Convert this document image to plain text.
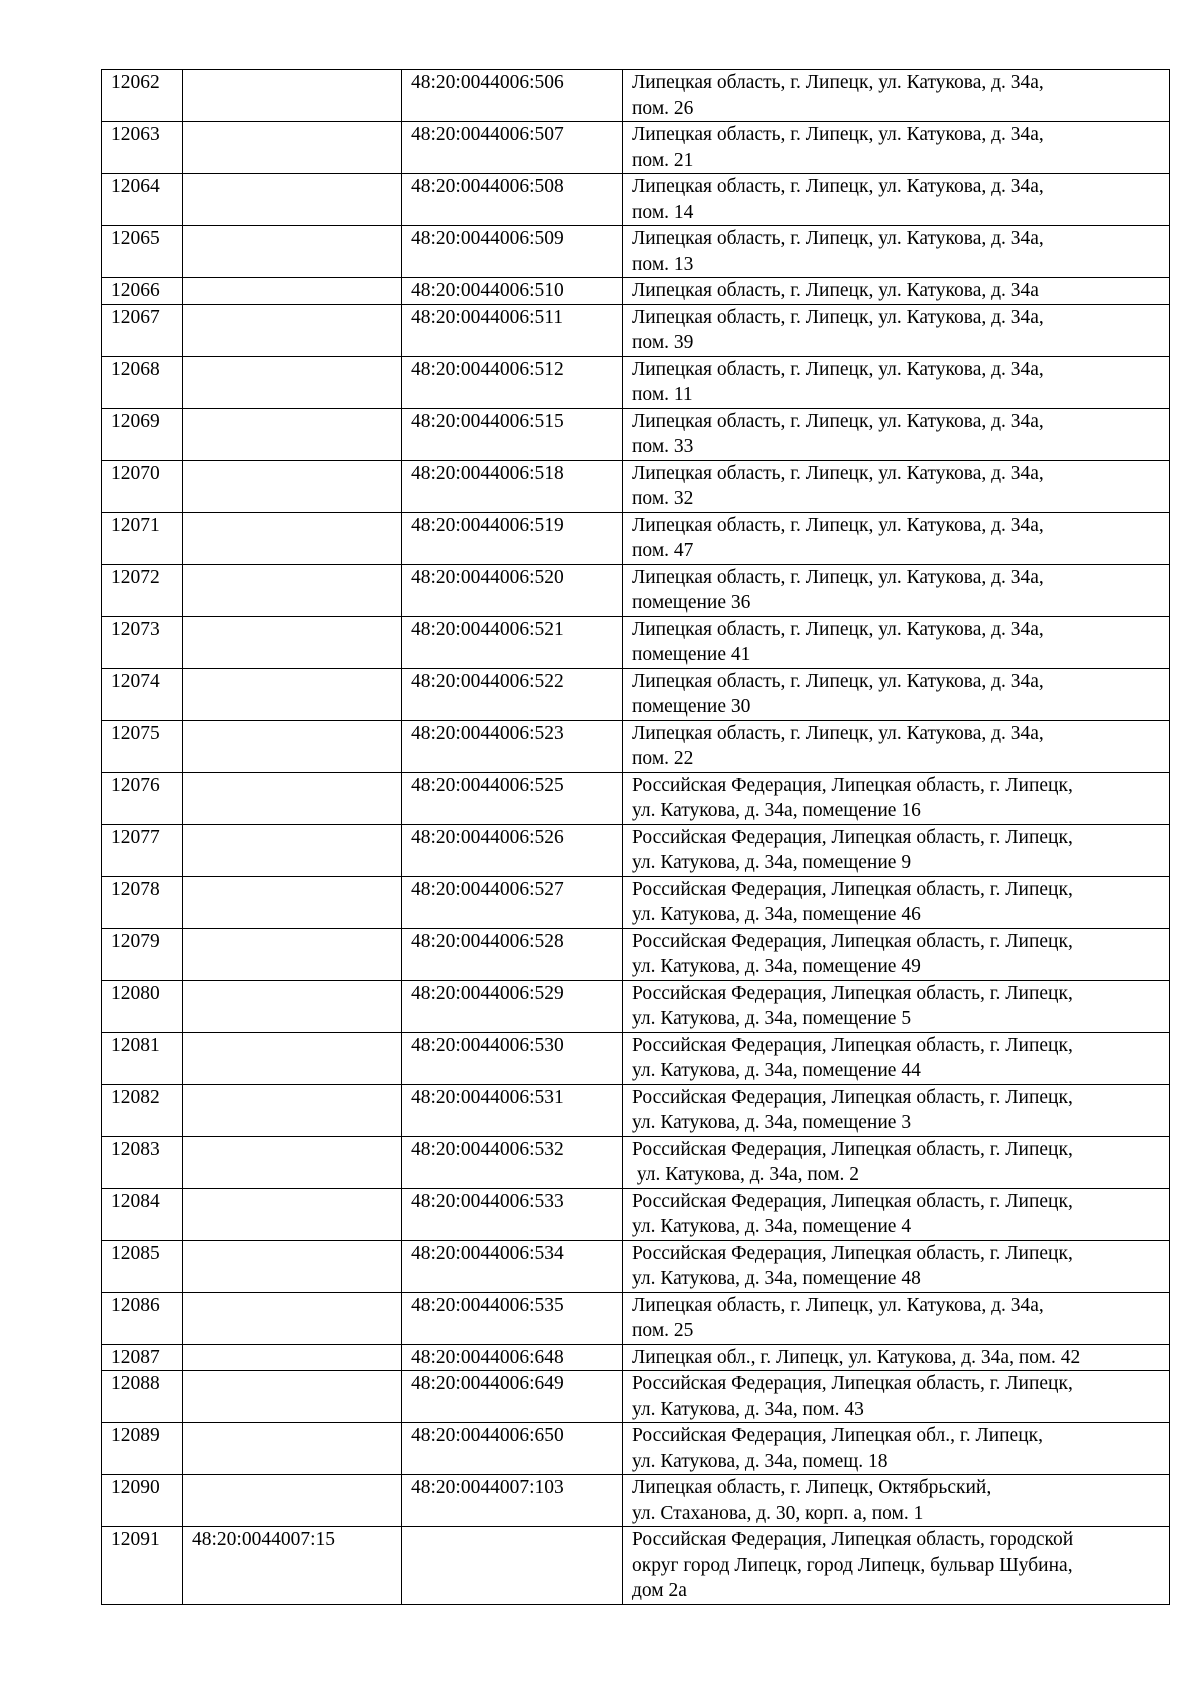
12062		48:20:0044006:506	Липецкая область, г. Липецк, ул. Катукова, д. 34а,
пом. 26
12063		48:20:0044006:507	Липецкая область, г. Липецк, ул. Катукова, д. 34а,
пом. 21
12064		48:20:0044006:508	Липецкая область, г. Липецк, ул. Катукова, д. 34а,
пом. 14
12065		48:20:0044006:509	Липецкая область, г. Липецк, ул. Катукова, д. 34а,
пом. 13
12066		48:20:0044006:510	Липецкая область, г. Липецк, ул. Катукова, д. 34а
12067		48:20:0044006:511	Липецкая область, г. Липецк, ул. Катукова, д. 34а,
пом. 39
12068		48:20:0044006:512	Липецкая область, г. Липецк, ул. Катукова, д. 34а,
пом. 11
12069		48:20:0044006:515	Липецкая область, г. Липецк, ул. Катукова, д. 34а,
пом. 33
12070		48:20:0044006:518	Липецкая область, г. Липецк, ул. Катукова, д. 34а,
пом. 32
12071		48:20:0044006:519	Липецкая область, г. Липецк, ул. Катукова, д. 34а,
пом. 47
12072		48:20:0044006:520	Липецкая область, г. Липецк, ул. Катукова, д. 34а,
помещение 36
12073		48:20:0044006:521	Липецкая область, г. Липецк, ул. Катукова, д. 34а,
помещение 41
12074		48:20:0044006:522	Липецкая область, г. Липецк, ул. Катукова, д. 34а,
помещение 30
12075		48:20:0044006:523	Липецкая область, г. Липецк, ул. Катукова, д. 34а,
пом. 22
12076		48:20:0044006:525	Российская Федерация, Липецкая область, г. Липецк,
ул. Катукова, д. 34а, помещение 16
12077		48:20:0044006:526	Российская Федерация, Липецкая область, г. Липецк,
ул. Катукова, д. 34а, помещение 9
12078		48:20:0044006:527	Российская Федерация, Липецкая область, г. Липецк,
ул. Катукова, д. 34а, помещение 46
12079		48:20:0044006:528	Российская Федерация, Липецкая область, г. Липецк,
ул. Катукова, д. 34а, помещение 49
12080		48:20:0044006:529	Российская Федерация, Липецкая область, г. Липецк,
ул. Катукова, д. 34а, помещение 5
12081		48:20:0044006:530	Российская Федерация, Липецкая область, г. Липецк,
ул. Катукова, д. 34а, помещение 44
12082		48:20:0044006:531	Российская Федерация, Липецкая область, г. Липецк,
ул. Катукова, д. 34а, помещение 3
12083		48:20:0044006:532	Российская Федерация, Липецкая область, г. Липецк,
ул. Катукова, д. 34а, пом. 2
12084		48:20:0044006:533	Российская Федерация, Липецкая область, г. Липецк,
ул. Катукова, д. 34а, помещение 4
12085		48:20:0044006:534	Российская Федерация, Липецкая область, г. Липецк,
ул. Катукова, д. 34а, помещение 48
12086		48:20:0044006:535	Липецкая область, г. Липецк, ул. Катукова, д. 34а,
пом. 25
12087		48:20:0044006:648	Липецкая обл., г. Липецк, ул. Катукова, д. 34а, пом. 42
12088		48:20:0044006:649	Российская Федерация, Липецкая область, г. Липецк,
ул. Катукова, д. 34а, пом. 43
12089		48:20:0044006:650	Российская Федерация, Липецкая обл., г. Липецк,
ул. Катукова, д. 34а, помещ. 18
12090		48:20:0044007:103	Липецкая область, г. Липецк, Октябрьский,
ул. Стаханова, д. 30, корп. а, пом. 1
12091	48:20:0044007:15		Российская Федерация, Липецкая область, городской
округ город Липецк, город Липецк, бульвар Шубина,
дом 2а
